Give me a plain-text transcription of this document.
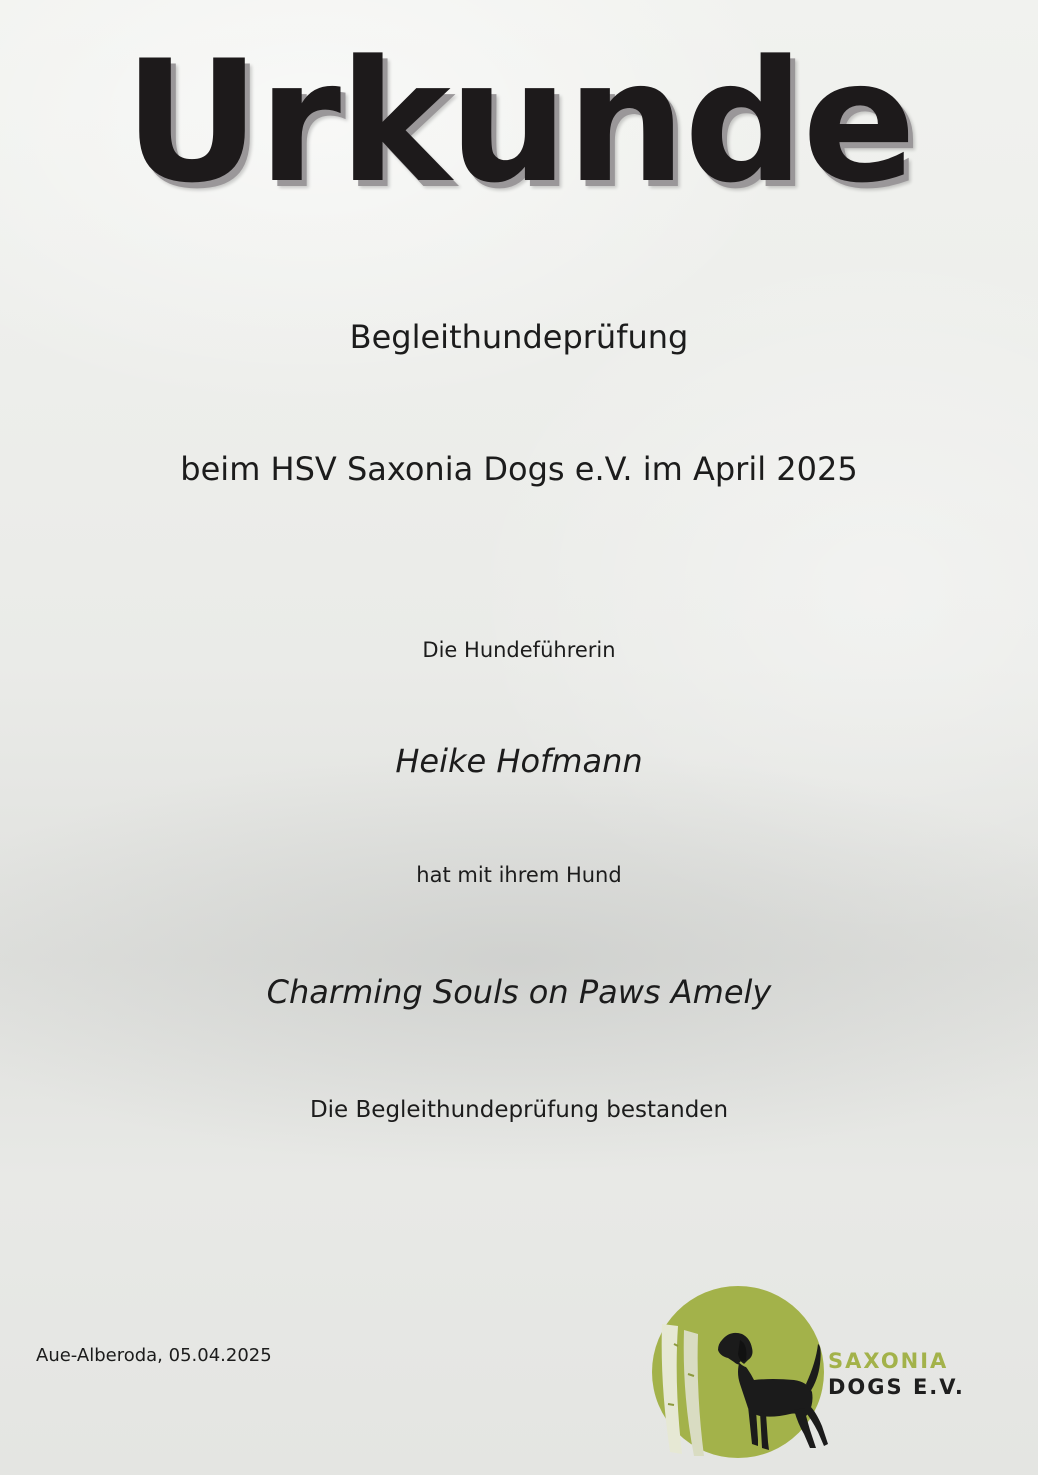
Urkunde
Begleithundeprüfung
beim HSV Saxonia Dogs e.V. im April 2025
Die Hundeführerin
Heike Hofmann
hat mit ihrem Hund
Charming Souls on Paws Amely
Die Begleithundeprüfung bestanden
Aue-Alberoda, 05.04.2025	SAXONIA
DOGS E.V.
